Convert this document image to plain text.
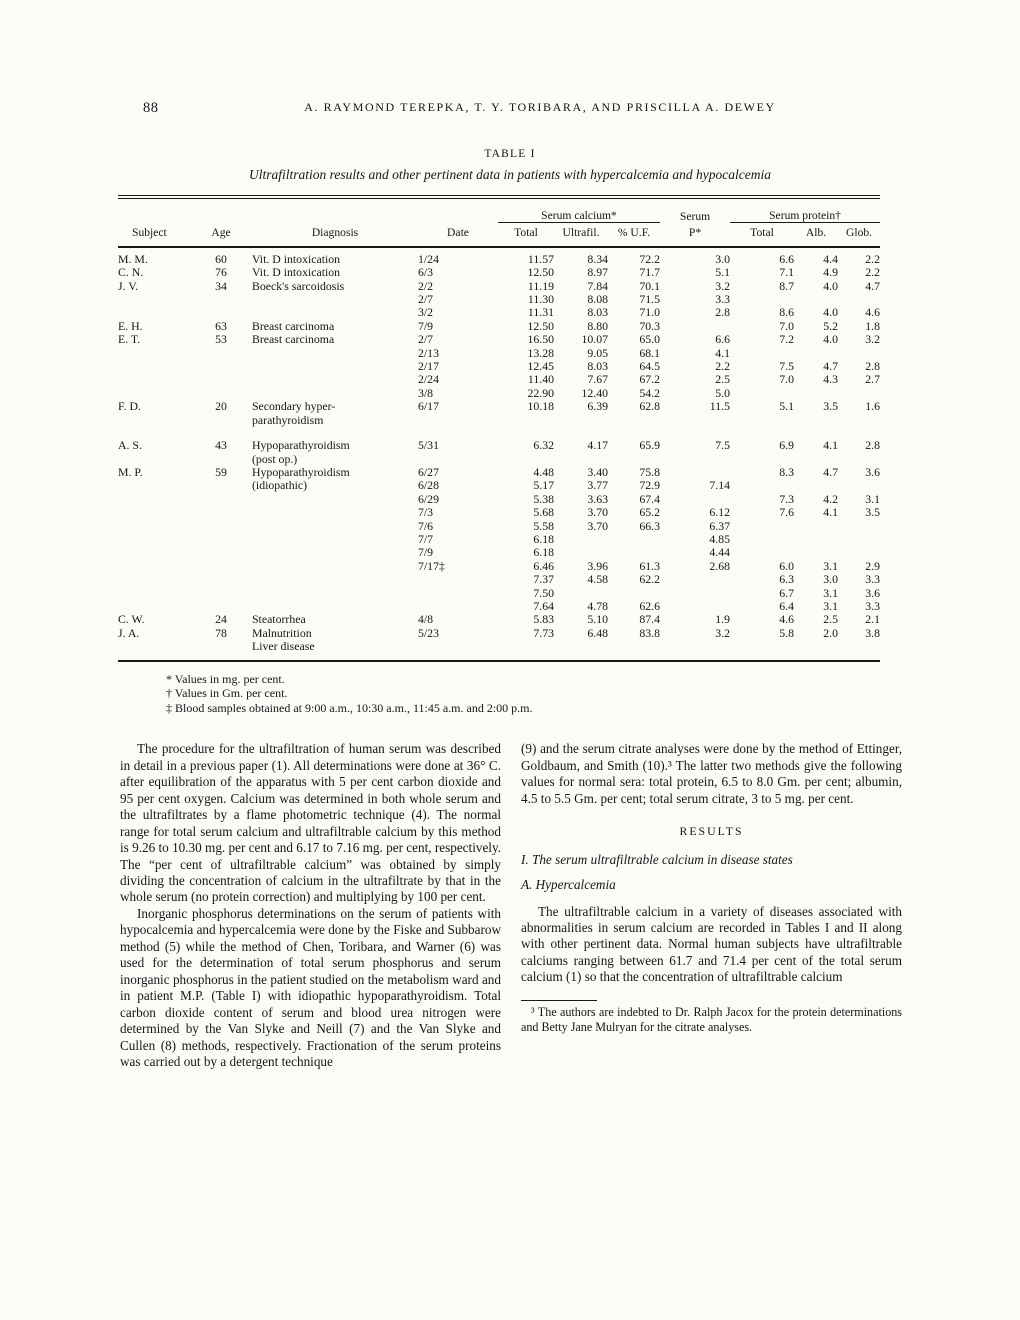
88	A. RAYMOND TEREPKA, T. Y. TORIBARA, AND PRISCILLA A. DEWEY
TABLE I
Ultrafiltration results and other pertinent data in patients with hypercalcemia and hypocalcemia
				Serum calcium*			Serum	Serum protein†		
Subject	Age	Diagnosis	Date	Total	Ultrafil.	% U.F.	P*	Total	Alb.	Glob.
M. M.	60	Vit. D intoxication	1/24	11.57	8.34	72.2	3.0	6.6	4.4	2.2
C. N.	76	Vit. D intoxication	6/3	12.50	8.97	71.7	5.1	7.1	4.9	2.2
J. V.	34	Boeck's sarcoidosis	2/2	11.19	7.84	70.1	3.2	8.7	4.0	4.7
			2/7	11.30	8.08	71.5	3.3			
			3/2	11.31	8.03	71.0	2.8	8.6	4.0	4.6
E. H.	63	Breast carcinoma	7/9	12.50	8.80	70.3		7.0	5.2	1.8
E. T.	53	Breast carcinoma	2/7	16.50	10.07	65.0	6.6	7.2	4.0	3.2
			2/13	13.28	9.05	68.1	4.1			
			2/17	12.45	8.03	64.5	2.2	7.5	4.7	2.8
			2/24	11.40	7.67	67.2	2.5	7.0	4.3	2.7
			3/8	22.90	12.40	54.2	5.0			
F. D.	20	Secondary hyper-	6/17	10.18	6.39	62.8	11.5	5.1	3.5	1.6
		parathyroidism								
A. S.	43	Hypoparathyroidism	5/31	6.32	4.17	65.9	7.5	6.9	4.1	2.8
		(post op.)								
M. P.	59	Hypoparathyroidism	6/27	4.48	3.40	75.8		8.3	4.7	3.6
		(idiopathic)	6/28	5.17	3.77	72.9	7.14			
			6/29	5.38	3.63	67.4		7.3	4.2	3.1
			7/3	5.68	3.70	65.2	6.12	7.6	4.1	3.5
			7/6	5.58	3.70	66.3	6.37			
			7/7	6.18			4.85			
			7/9	6.18			4.44			
			7/17‡	6.46	3.96	61.3	2.68	6.0	3.1	2.9
				7.37	4.58	62.2		6.3	3.0	3.3
				7.50				6.7	3.1	3.6
				7.64	4.78	62.6		6.4	3.1	3.3
C. W.	24	Steatorrhea	4/8	5.83	5.10	87.4	1.9	4.6	2.5	2.1
J. A.	78	Malnutrition	5/23	7.73	6.48	83.8	3.2	5.8	2.0	3.8
		Liver disease								
* Values in mg. per cent.
† Values in Gm. per cent.
‡ Blood samples obtained at 9:00 a.m., 10:30 a.m., 11:45 a.m. and 2:00 p.m.

The procedure for the ultrafiltration of human serum was described in detail in a previous paper (1). All determinations were done at 36° C. after equilibration of the apparatus with 5 per cent carbon dioxide and 95 per cent oxygen. Calcium was determined in both whole serum and the ultrafiltrates by a flame photometric technique (4). The normal range for total serum calcium and ultrafiltrable calcium by this method is 9.26 to 10.30 mg. per cent and 6.17 to 7.16 mg. per cent, respectively. The “per cent of ultrafiltrable calcium” was obtained by simply dividing the concentration of calcium in the ultrafiltrate by that in the whole serum (no protein correction) and multiplying by 100 per cent.

Inorganic phosphorus determinations on the serum of patients with hypocalcemia and hypercalcemia were done by the Fiske and Subbarow method (5) while the method of Chen, Toribara, and Warner (6) was used for the determination of total serum phosphorus and serum inorganic phosphorus in the patient studied on the metabolism ward and in patient M.P. (Table I) with idiopathic hypoparathyroidism. Total carbon dioxide content of serum and blood urea nitrogen were determined by the Van Slyke and Neill (7) and the Van Slyke and Cullen (8) methods, respectively. Fractionation of the serum proteins was carried out by a detergent technique

(9) and the serum citrate analyses were done by the method of Ettinger, Goldbaum, and Smith (10).³ The latter two methods give the following values for normal sera: total protein, 6.5 to 8.0 Gm. per cent; albumin, 4.5 to 5.5 Gm. per cent; total serum citrate, 3 to 5 mg. per cent.

RESULTS

I. The serum ultrafiltrable calcium in disease states

A. Hypercalcemia

The ultrafiltrable calcium in a variety of diseases associated with abnormalities in serum calcium are recorded in Tables I and II along with other pertinent data. Normal human subjects have ultrafiltrable calciums ranging between 61.7 and 71.4 per cent of the total serum calcium (1) so that the concentration of ultrafiltrable calcium

³ The authors are indebted to Dr. Ralph Jacox for the protein determinations and Betty Jane Mulryan for the citrate analyses.
